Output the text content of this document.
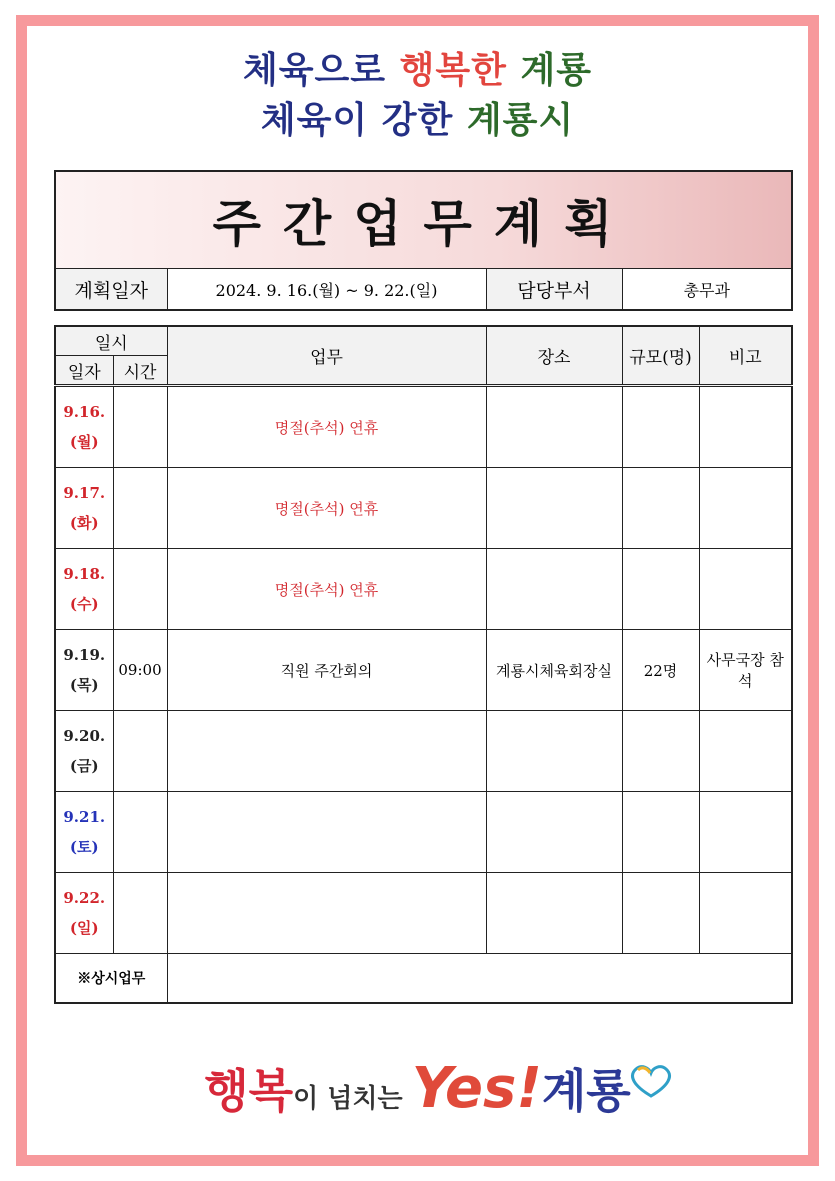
체육으로 행복한 계룡
체육이 강한 계룡시
주간업무계획
계획일자	2024. 9. 16.(월) ~ 9. 22.(일)	담당부서	총무과
일시		업무	장소	규모(명)	비고
일자	시간				
9.16.
(월)		명절(추석) 연휴			
9.17.
(화)		명절(추석) 연휴			
9.18.
(수)		명절(추석) 연휴			
9.19.
(목)	09:00	직원 주간회의	계룡시체육회장실	22명	사무국장 참석
9.20.
(금)					
9.21.
(토)					
9.22.
(일)					
※상시업무					
행복이 넘치는 Yes!계룡
